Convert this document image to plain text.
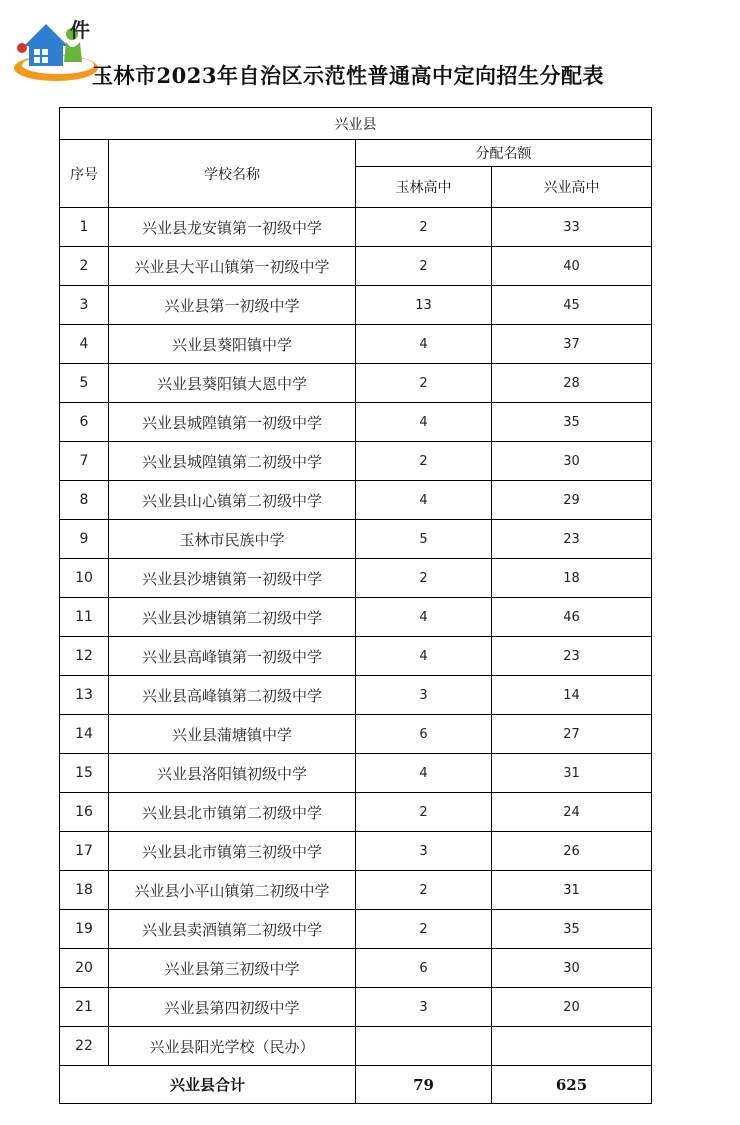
件
玉林市2023年自治区示范性普通高中定向招生分配表
兴业县			
序号	学校名称	分配名额	
		玉林高中	兴业高中
1	兴业县龙安镇第一初级中学	2	33
2	兴业县大平山镇第一初级中学	2	40
3	兴业县第一初级中学	13	45
4	兴业县葵阳镇中学	4	37
5	兴业县葵阳镇大恩中学	2	28
6	兴业县城隍镇第一初级中学	4	35
7	兴业县城隍镇第二初级中学	2	30
8	兴业县山心镇第二初级中学	4	29
9	玉林市民族中学	5	23
10	兴业县沙塘镇第一初级中学	2	18
11	兴业县沙塘镇第二初级中学	4	46
12	兴业县高峰镇第一初级中学	4	23
13	兴业县高峰镇第二初级中学	3	14
14	兴业县蒲塘镇中学	6	27
15	兴业县洛阳镇初级中学	4	31
16	兴业县北市镇第二初级中学	2	24
17	兴业县北市镇第三初级中学	3	26
18	兴业县小平山镇第二初级中学	2	31
19	兴业县卖酒镇第二初级中学	2	35
20	兴业县第三初级中学	6	30
21	兴业县第四初级中学	3	20
22	兴业县阳光学校（民办）		
兴业县合计		79	625
